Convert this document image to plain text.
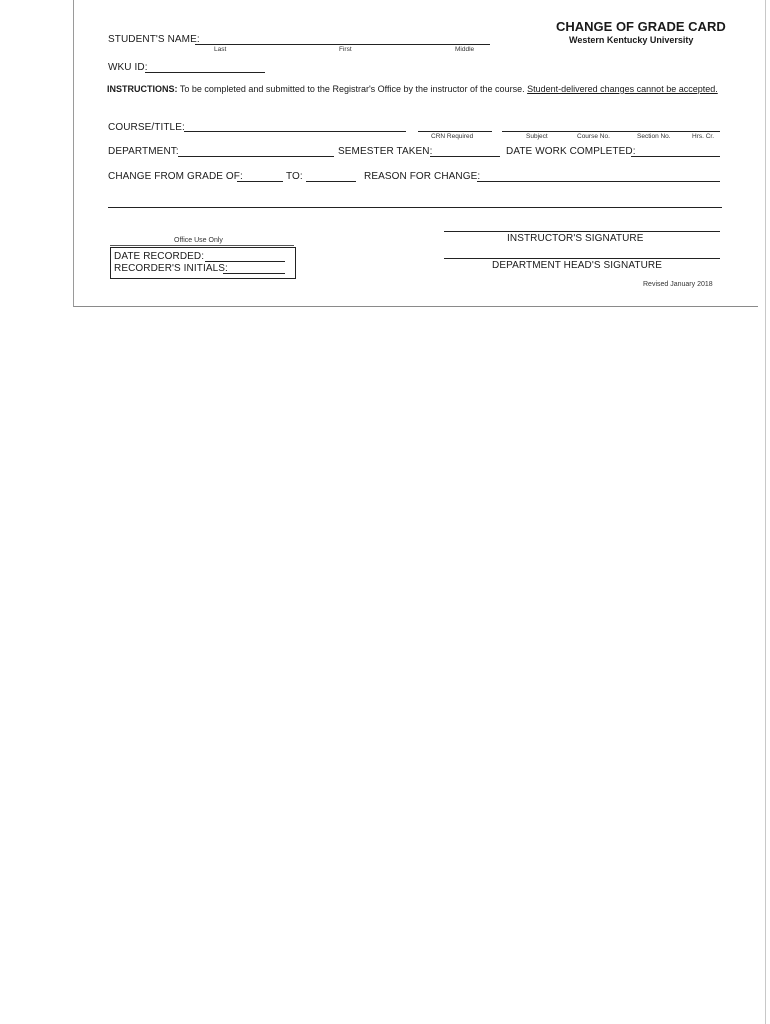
CHANGE OF GRADE CARD
Western Kentucky University
STUDENT'S NAME:
Last	First	Middle
WKU ID:
INSTRUCTIONS: To be completed and submitted to the Registrar's Office by the instructor of the course. Student-delivered changes cannot be accepted.
COURSE/TITLE:
CRN Required	Subject	Course No.	Section No.	Hrs. Cr.
DEPARTMENT:	SEMESTER TAKEN:	DATE WORK COMPLETED:
CHANGE FROM GRADE OF:	TO:	REASON FOR CHANGE:
Office Use Only
DATE RECORDED:
RECORDER'S INITIALS:
INSTRUCTOR'S SIGNATURE
DEPARTMENT HEAD'S SIGNATURE
Revised January 2018
